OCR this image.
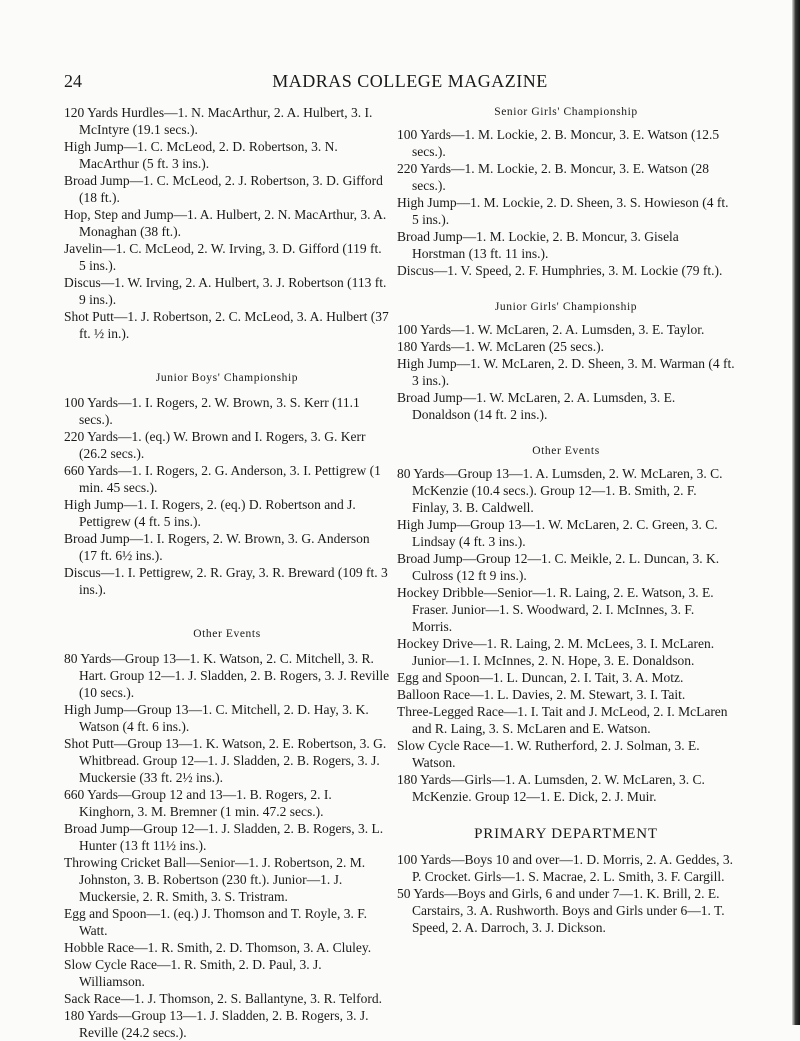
24	MADRAS COLLEGE MAGAZINE

120 Yards Hurdles—1. N. MacArthur, 2. A. Hulbert, 3. I. McIntyre (19.1 secs.).

High Jump—1. C. McLeod, 2. D. Robertson, 3. N. MacArthur (5 ft. 3 ins.).

Broad Jump—1. C. McLeod, 2. J. Robertson, 3. D. Gifford (18 ft.).

Hop, Step and Jump—1. A. Hulbert, 2. N. MacArthur, 3. A. Monaghan (38 ft.).

Javelin—1. C. McLeod, 2. W. Irving, 3. D. Gifford (119 ft. 5 ins.).

Discus—1. W. Irving, 2. A. Hulbert, 3. J. Robertson (113 ft. 9 ins.).

Shot Putt—1. J. Robertson, 2. C. McLeod, 3. A. Hulbert (37 ft. ½ in.).

Junior Boys' Championship

100 Yards—1. I. Rogers, 2. W. Brown, 3. S. Kerr (11.1 secs.).

220 Yards—1. (eq.) W. Brown and I. Rogers, 3. G. Kerr (26.2 secs.).

660 Yards—1. I. Rogers, 2. G. Anderson, 3. I. Pettigrew (1 min. 45 secs.).

High Jump—1. I. Rogers, 2. (eq.) D. Robertson and J. Pettigrew (4 ft. 5 ins.).

Broad Jump—1. I. Rogers, 2. W. Brown, 3. G. Anderson (17 ft. 6½ ins.).

Discus—1. I. Pettigrew, 2. R. Gray, 3. R. Breward (109 ft. 3 ins.).

Other Events

80 Yards—Group 13—1. K. Watson, 2. C. Mitchell, 3. R. Hart. Group 12—1. J. Sladden, 2. B. Rogers, 3. J. Reville (10 secs.).

High Jump—Group 13—1. C. Mitchell, 2. D. Hay, 3. K. Watson (4 ft. 6 ins.).

Shot Putt—Group 13—1. K. Watson, 2. E. Robertson, 3. G. Whitbread. Group 12—1. J. Sladden, 2. B. Rogers, 3. J. Muckersie (33 ft. 2½ ins.).

660 Yards—Group 12 and 13—1. B. Rogers, 2. I. Kinghorn, 3. M. Bremner (1 min. 47.2 secs.).

Broad Jump—Group 12—1. J. Sladden, 2. B. Rogers, 3. L. Hunter (13 ft 11½ ins.).

Throwing Cricket Ball—Senior—1. J. Robertson, 2. M. Johnston, 3. B. Robertson (230 ft.). Junior—1. J. Muckersie, 2. R. Smith, 3. S. Tristram.

Egg and Spoon—1. (eq.) J. Thomson and T. Royle, 3. F. Watt.

Hobble Race—1. R. Smith, 2. D. Thomson, 3. A. Cluley.

Slow Cycle Race—1. R. Smith, 2. D. Paul, 3. J. Williamson.

Sack Race—1. J. Thomson, 2. S. Ballantyne, 3. R. Telford.

180 Yards—Group 13—1. J. Sladden, 2. B. Rogers, 3. J. Reville (24.2 secs.).

Senior Girls' Championship

100 Yards—1. M. Lockie, 2. B. Moncur, 3. E. Watson (12.5 secs.).

220 Yards—1. M. Lockie, 2. B. Moncur, 3. E. Watson (28 secs.).

High Jump—1. M. Lockie, 2. D. Sheen, 3. S. Howieson (4 ft. 5 ins.).

Broad Jump—1. M. Lockie, 2. B. Moncur, 3. Gisela Horstman (13 ft. 11 ins.).

Discus—1. V. Speed, 2. F. Humphries, 3. M. Lockie (79 ft.).

Junior Girls' Championship

100 Yards—1. W. McLaren, 2. A. Lumsden, 3. E. Taylor.

180 Yards—1. W. McLaren (25 secs.).

High Jump—1. W. McLaren, 2. D. Sheen, 3. M. Warman (4 ft. 3 ins.).

Broad Jump—1. W. McLaren, 2. A. Lumsden, 3. E. Donaldson (14 ft. 2 ins.).

Other Events

80 Yards—Group 13—1. A. Lumsden, 2. W. McLaren, 3. C. McKenzie (10.4 secs.). Group 12—1. B. Smith, 2. F. Finlay, 3. B. Caldwell.

High Jump—Group 13—1. W. McLaren, 2. C. Green, 3. C. Lindsay (4 ft. 3 ins.).

Broad Jump—Group 12—1. C. Meikle, 2. L. Duncan, 3. K. Culross (12 ft 9 ins.).

Hockey Dribble—Senior—1. R. Laing, 2. E. Watson, 3. E. Fraser. Junior—1. S. Woodward, 2. I. McInnes, 3. F. Morris.

Hockey Drive—1. R. Laing, 2. M. McLees, 3. I. McLaren. Junior—1. I. McInnes, 2. N. Hope, 3. E. Donaldson.

Egg and Spoon—1. L. Duncan, 2. I. Tait, 3. A. Motz.

Balloon Race—1. L. Davies, 2. M. Stewart, 3. I. Tait.

Three-Legged Race—1. I. Tait and J. McLeod, 2. I. McLaren and R. Laing, 3. S. McLaren and E. Watson.

Slow Cycle Race—1. W. Rutherford, 2. J. Solman, 3. E. Watson.

180 Yards—Girls—1. A. Lumsden, 2. W. McLaren, 3. C. McKenzie. Group 12—1. E. Dick, 2. J. Muir.

PRIMARY DEPARTMENT

100 Yards—Boys 10 and over—1. D. Morris, 2. A. Geddes, 3. P. Crocket. Girls—1. S. Macrae, 2. L. Smith, 3. F. Cargill.

50 Yards—Boys and Girls, 6 and under 7—1. K. Brill, 2. E. Carstairs, 3. A. Rushworth. Boys and Girls under 6—1. T. Speed, 2. A. Darroch, 3. J. Dickson.
